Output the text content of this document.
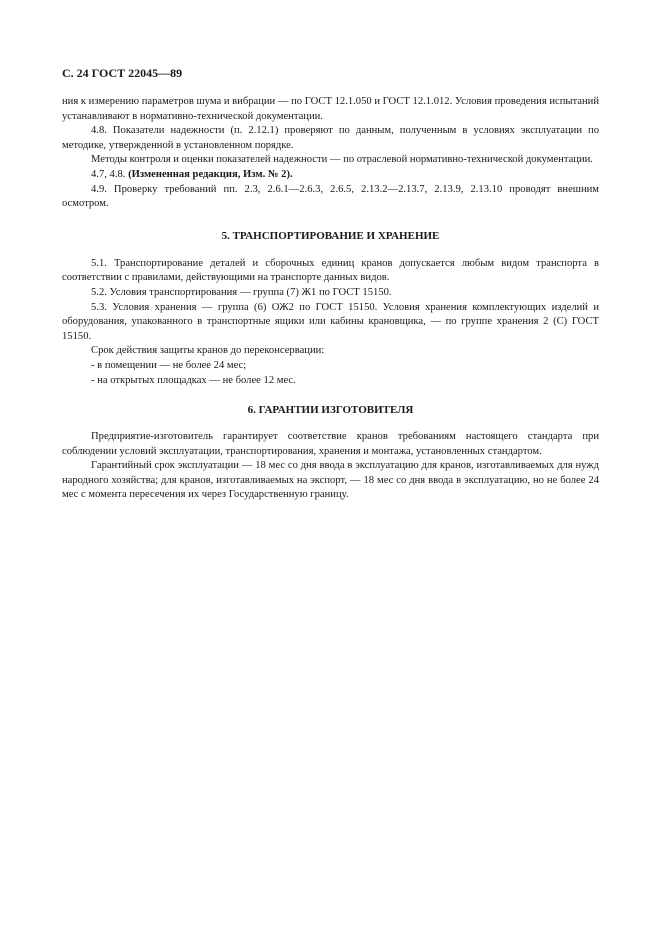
С. 24 ГОСТ 22045—89

ния к измерению параметров шума и вибрации — по ГОСТ 12.1.050 и ГОСТ 12.1.012. Условия проведения испытаний устанавливают в нормативно-технической документации.

4.8. Показатели надежности (п. 2.12.1) проверяют по данным, полученным в условиях эксплуатации по методике, утвержденной в установленном порядке.

Методы контроля и оценки показателей надежности — по отраслевой нормативно-технической документации.

4.7, 4.8. (Измененная редакция, Изм. № 2).

4.9. Проверку требований пп. 2.3, 2.6.1—2.6.3, 2.6.5, 2.13.2—2.13.7, 2.13.9, 2.13.10 проводят внешним осмотром.

5. ТРАНСПОРТИРОВАНИЕ И ХРАНЕНИЕ

5.1. Транспортирование деталей и сборочных единиц кранов допускается любым видом транспорта в соответствии с правилами, действующими на транспорте данных видов.

5.2. Условия транспортирования — группа (7) Ж1 по ГОСТ 15150.

5.3. Условия хранения — группа (6) ОЖ2 по ГОСТ 15150. Условия хранения комплектующих изделий и оборудования, упакованного в транспортные ящики или кабины крановщика, — по группе хранения 2 (С) ГОСТ 15150.

Срок действия защиты кранов до переконсервации:

- в помещении — не более 24 мес;

- на открытых площадках — не более 12 мес.

6. ГАРАНТИИ ИЗГОТОВИТЕЛЯ

Предприятие-изготовитель гарантирует соответствие кранов требованиям настоящего стандарта при соблюдении условий эксплуатации, транспортирования, хранения и монтажа, установленных стандартом.

Гарантийный срок эксплуатации — 18 мес со дня ввода в эксплуатацию для кранов, изготавливаемых для нужд народного хозяйства; для кранов, изготавливаемых на экспорт, — 18 мес со дня ввода в эксплуатацию, но не более 24 мес с момента пересечения их через Государственную границу.
